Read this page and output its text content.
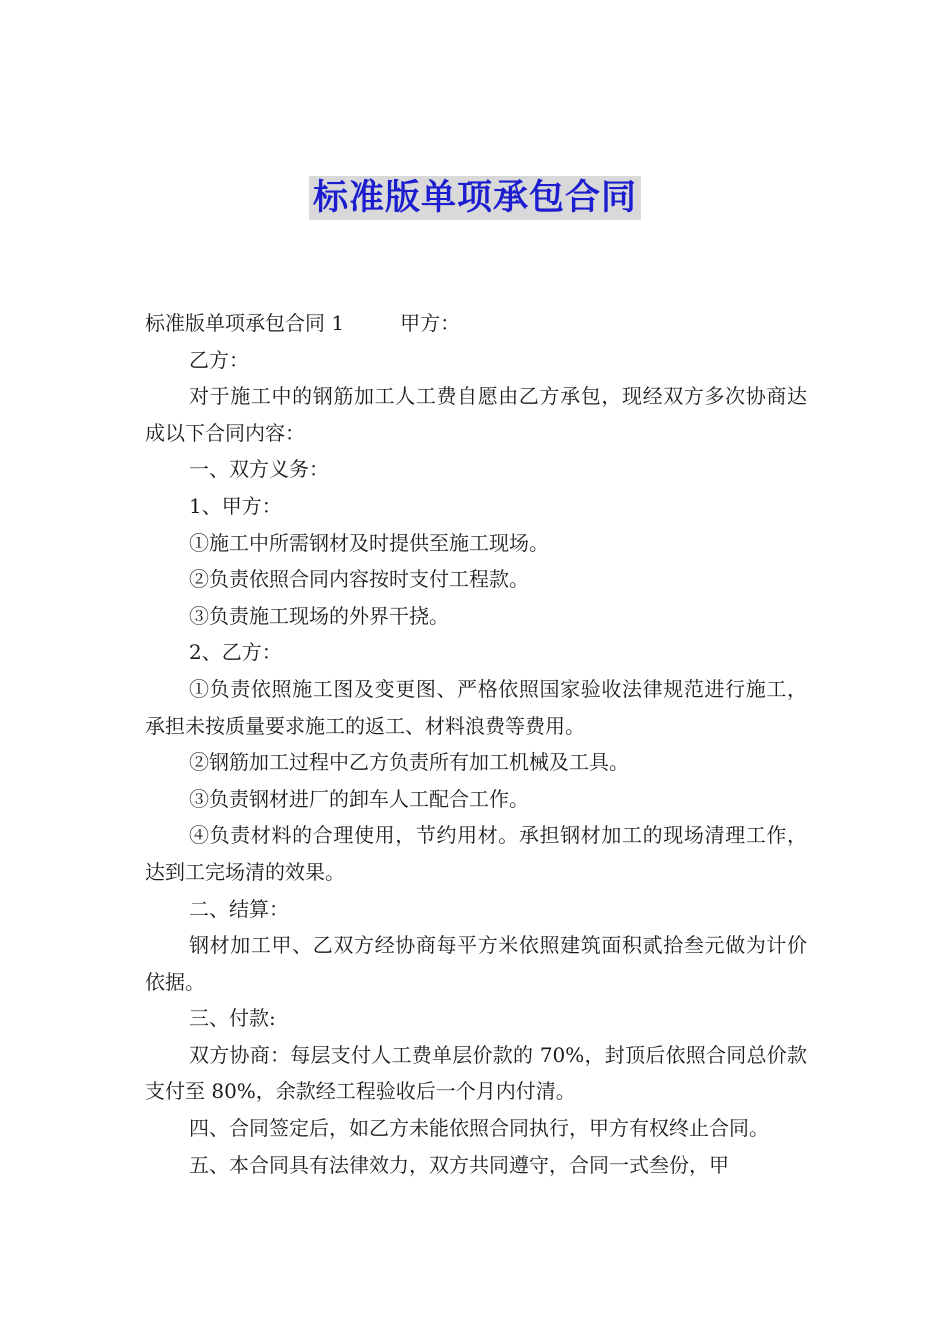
标准版单项承包合同

标准版单项承包合同 1	甲方：

乙方：

对于施工中的钢筋加工人工费自愿由乙方承包，现经双方多次协商达成以下合同内容：

一、双方义务：

1、甲方：

①施工中所需钢材及时提供至施工现场。

②负责依照合同内容按时支付工程款。

③负责施工现场的外界干挠。

2、乙方：

①负责依照施工图及变更图、严格依照国家验收法律规范进行施工，承担未按质量要求施工的返工、材料浪费等费用。

②钢筋加工过程中乙方负责所有加工机械及工具。

③负责钢材进厂的卸车人工配合工作。

④负责材料的合理使用，节约用材。承担钢材加工的现场清理工作，达到工完场清的效果。

二、结算：

钢材加工甲、乙双方经协商每平方米依照建筑面积贰拾叁元做为计价依据。

三、付款:

双方协商：每层支付人工费单层价款的 70%，封顶后依照合同总价款支付至 80%，余款经工程验收后一个月内付清。

四、合同签定后，如乙方未能依照合同执行，甲方有权终止合同。

五、本合同具有法律效力，双方共同遵守，合同一式叁份，甲
